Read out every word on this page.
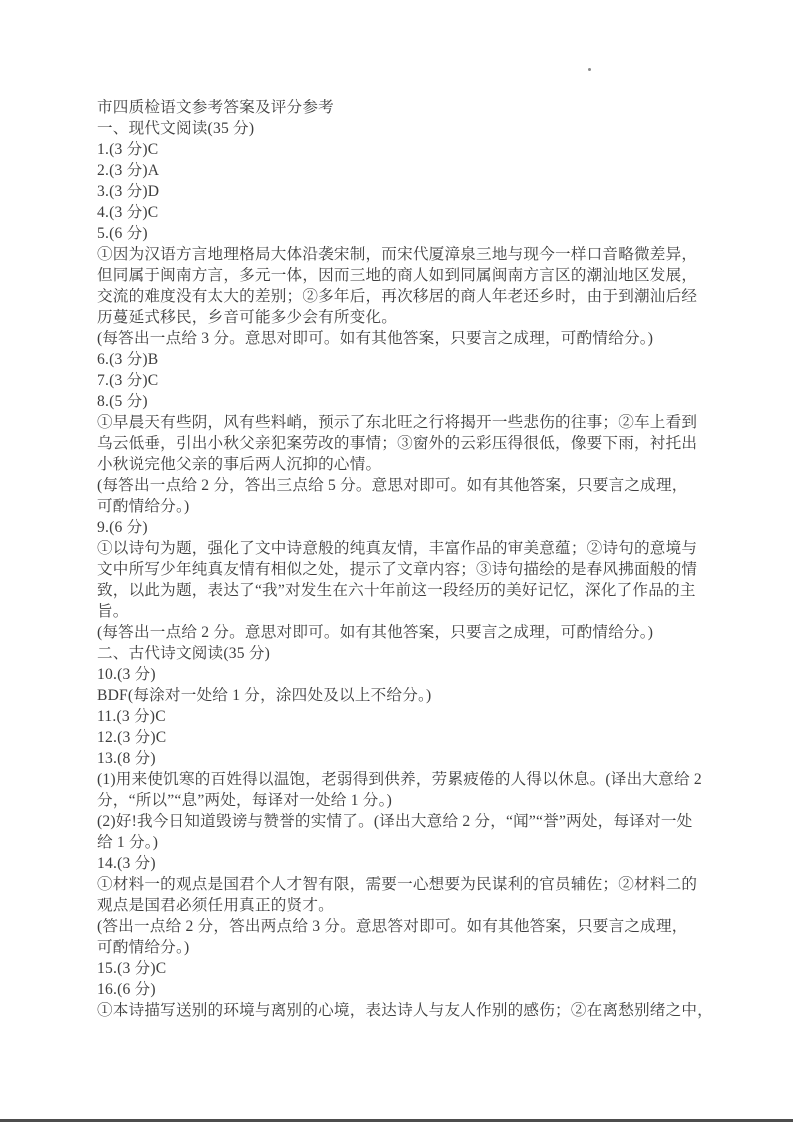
市四质检语文参考答案及评分参考
一、现代文阅读(35 分)
1.(3 分)C
2.(3 分)A
3.(3 分)D
4.(3 分)C
5.(6 分)
①因为汉语方言地理格局大体沿袭宋制，而宋代厦漳泉三地与现今一样口音略微差异，
但同属于闽南方言，多元一体，因而三地的商人如到同属闽南方言区的潮汕地区发展，
交流的难度没有太大的差别；②多年后，再次移居的商人年老还乡时，由于到潮汕后经
历蔓延式移民，乡音可能多少会有所变化。
(每答出一点给 3 分。意思对即可。如有其他答案，只要言之成理，可酌情给分。)
6.(3 分)B
7.(3 分)C
8.(5 分)
①早晨天有些阴，风有些料峭，预示了东北旺之行将揭开一些悲伤的往事；②车上看到
乌云低垂，引出小秋父亲犯案劳改的事情；③窗外的云彩压得很低，像要下雨，衬托出
小秋说完他父亲的事后两人沉抑的心情。
(每答出一点给 2 分，答出三点给 5 分。意思对即可。如有其他答案，只要言之成理，
可酌情给分。)
9.(6 分)
①以诗句为题，强化了文中诗意般的纯真友情，丰富作品的审美意蕴；②诗句的意境与
文中所写少年纯真友情有相似之处，提示了文章内容；③诗句描绘的是春风拂面般的情
致，以此为题，表达了“我”对发生在六十年前这一段经历的美好记忆，深化了作品的主
旨。
(每答出一点给 2 分。意思对即可。如有其他答案，只要言之成理，可酌情给分。)
二、古代诗文阅读(35 分)
10.(3 分)
BDF(每涂对一处给 1 分，涂四处及以上不给分。)
11.(3 分)C
12.(3 分)C
13.(8 分)
(1)用来使饥寒的百姓得以温饱，老弱得到供养，劳累疲倦的人得以休息。(译出大意给 2
分，“所以”“息”两处，每译对一处给 1 分。)
(2)好!我今日知道毁谤与赞誉的实情了。(译出大意给 2 分，“闻”“誉”两处，每译对一处
给 1 分。)
14.(3 分)
①材料一的观点是国君个人才智有限，需要一心想要为民谋利的官员辅佐；②材料二的
观点是国君必须任用真正的贤才。
(答出一点给 2 分，答出两点给 3 分。意思答对即可。如有其他答案，只要言之成理，
可酌情给分。)
15.(3 分)C
16.(6 分)
①本诗描写送别的环境与离别的心境，表达诗人与友人作别的感伤；②在离愁别绪之中，
